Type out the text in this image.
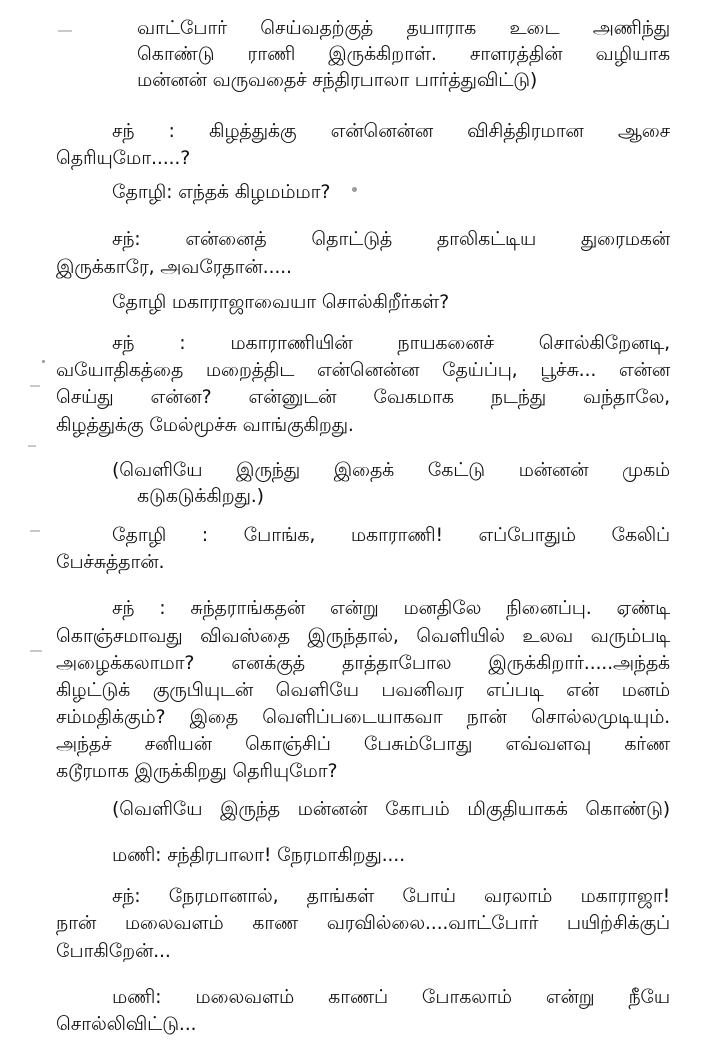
வாட்போர் செய்வதற்குத் தயாராக உடை அணிந்து
கொண்டு ராணி இருக்கிறாள். சாளரத்தின் வழியாக
மன்னன் வருவதைச் சந்திரபாலா பார்த்துவிட்டு)
சந் : கிழத்துக்கு என்னென்ன விசித்திரமான ஆசை
தெரியுமோ.....?
தோழி: எந்தக் கிழமம்மா?
சந்: என்னைத் தொட்டுத் தாலிகட்டிய துரைமகன்
இருக்காரே, அவரேதான்.....
தோழி மகாராஜாவையா சொல்கிறீர்கள்?
சந் : மகாராணியின் நாயகனைச் சொல்கிறேனடி,
வயோதிகத்தை மறைத்திட என்னென்ன தேய்ப்பு, பூச்சு... என்ன
செய்து என்ன? என்னுடன் வேகமாக நடந்து வந்தாலே,
கிழத்துக்கு மேல்மூச்சு வாங்குகிறது.
(வெளியே இருந்து இதைக் கேட்டு மன்னன் முகம்
கடுகடுக்கிறது.)
தோழி : போங்க, மகாராணி! எப்போதும் கேலிப்
பேச்சுத்தான்.
சந் : சுந்தராங்கதன் என்று மனதிலே நினைப்பு. ஏண்டி
கொஞ்சமாவது விவஸ்தை இருந்தால், வெளியில் உலவ வரும்படி
அழைக்கலாமா? எனக்குத் தாத்தாபோல இருக்கிறார்.....அந்தக்
கிழட்டுக் குருபியுடன் வெளியே பவனிவர எப்படி என் மனம்
சம்மதிக்கும்? இதை வெளிப்படையாகவா நான் சொல்லமுடியும்.
அந்தச் சனியன் கொஞ்சிப் பேசும்போது எவ்வளவு கர்ண
கடூரமாக இருக்கிறது தெரியுமோ?
(வெளியே இருந்த மன்னன் கோபம் மிகுதியாகக் கொண்டு)
மணி: சந்திரபாலா! நேரமாகிறது....
சந்: நேரமானால், தாங்கள் போய் வரலாம் மகாராஜா!
நான் மலைவளம் காண வரவில்லை....வாட்போர் பயிற்சிக்குப்
போகிறேன்...
மணி: மலைவளம் காணப் போகலாம் என்று நீயே
சொல்லிவிட்டு...
